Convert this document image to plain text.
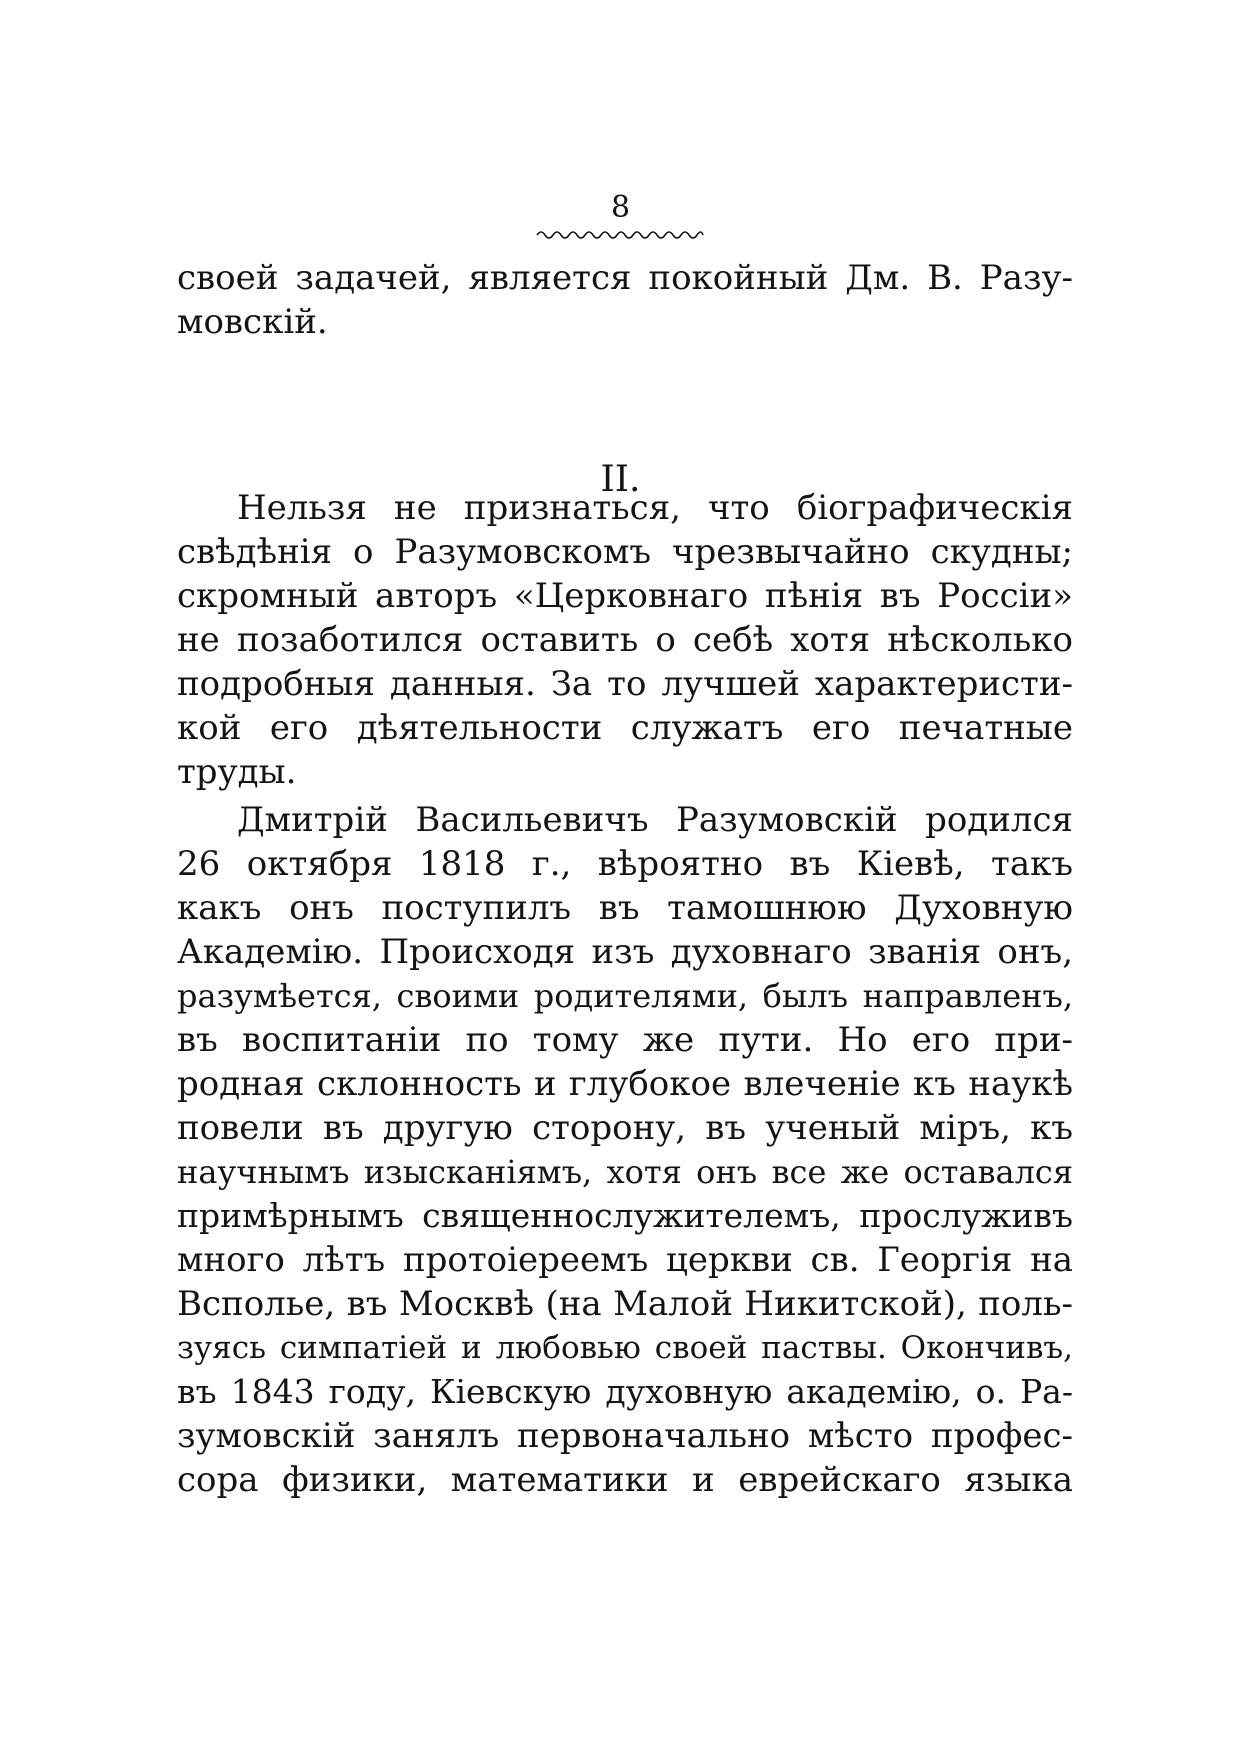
8
своей задачей, является покойный Дм. В. Разу-
мовскій.
II.
Нельзя не признаться, что біографическія
свѣдѣнія о Разумовскомъ чрезвычайно скудны;
скромный авторъ «Церковнаго пѣнія въ Россіи»
не позаботился оставить о себѣ хотя нѣсколько
подробныя данныя. За то лучшей характеристи-
кой его дѣятельности служатъ его печатные
труды.
Дмитрій Васильевичъ Разумовскій родился
26 октября 1818 г., вѣроятно въ Кіевѣ, такъ
какъ онъ поступилъ въ тамошнюю Духовную
Академію. Происходя изъ духовнаго званія онъ,
разумѣется, своими родителями, былъ направленъ,
въ воспитаніи по тому же пути. Но его при-
родная склонность и глубокое влеченіе къ наукѣ
повели въ другую сторону, въ ученый міръ, къ
научнымъ изысканіямъ, хотя онъ все же оставался
примѣрнымъ священнослужителемъ, прослуживъ
много лѣтъ протоіереемъ церкви св. Георгія на
Всполье, въ Москвѣ (на Малой Никитской), поль-
зуясь симпатіей и любовью своей паствы. Окончивъ,
въ 1843 году, Кіевскую духовную академію, о. Ра-
зумовскій занялъ первоначально мѣсто профес-
сора физики, математики и еврейскаго языка
